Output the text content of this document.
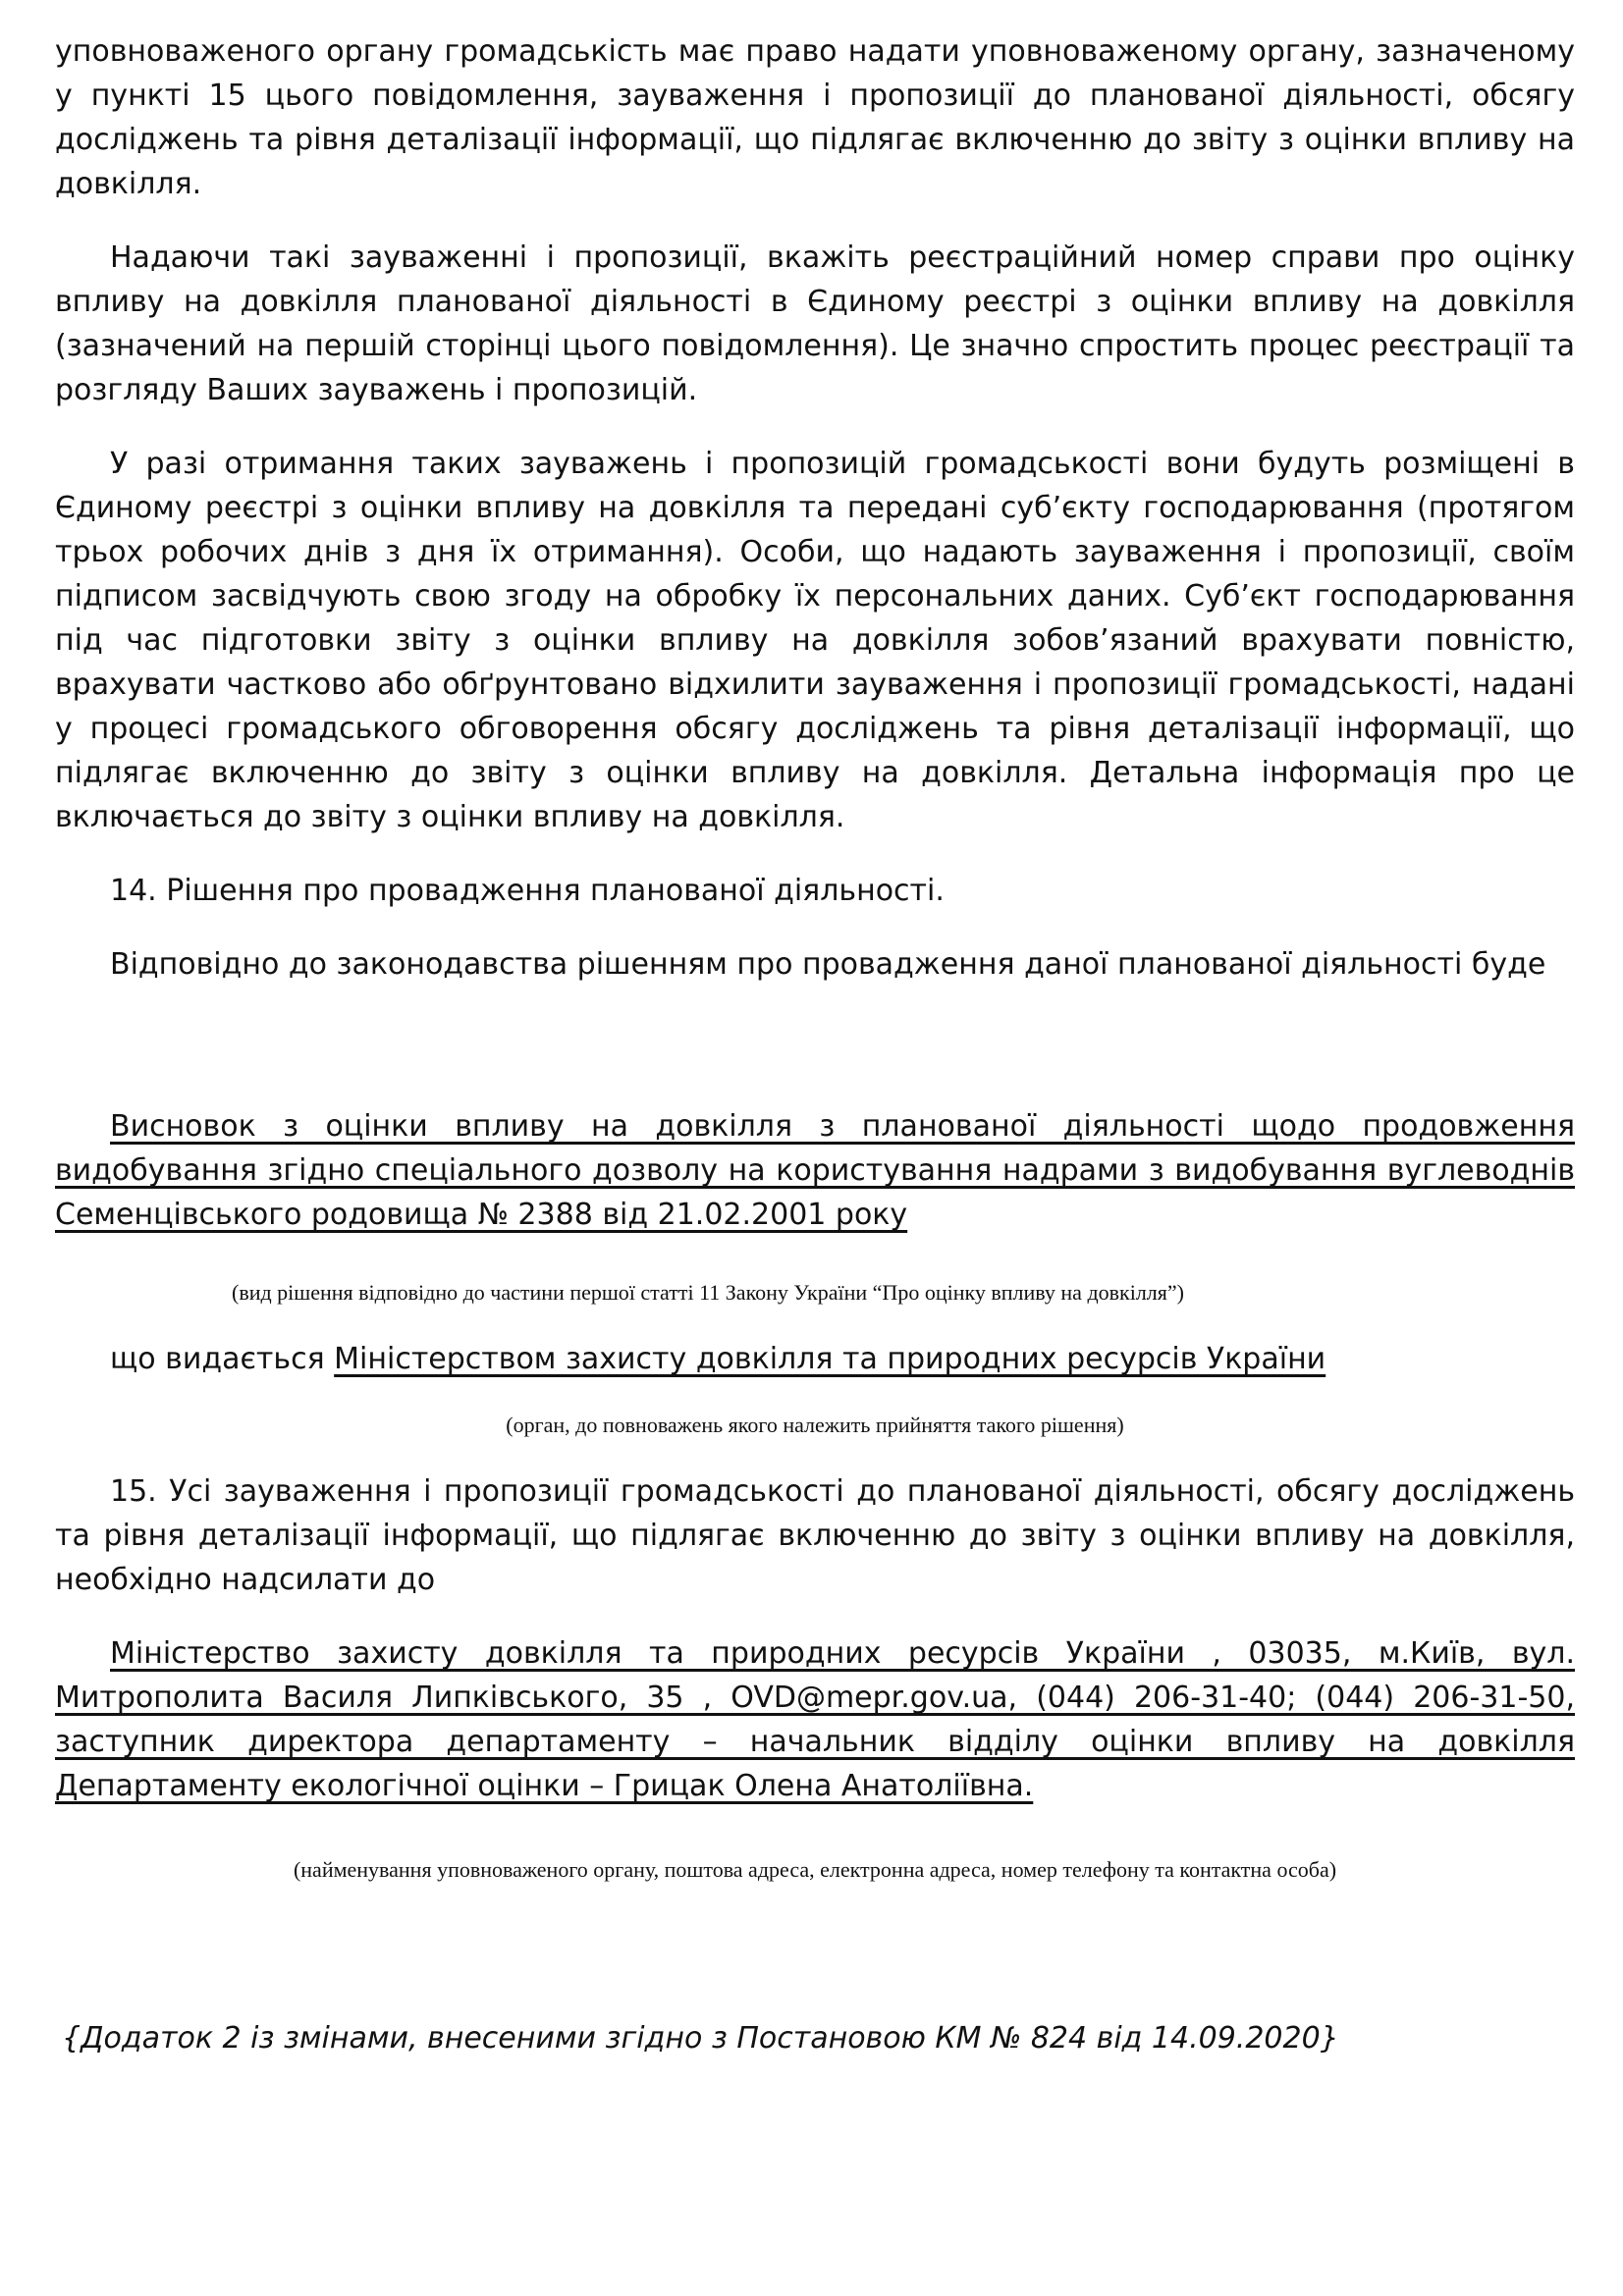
уповноваженого органу громадськість має право надати уповноваженому органу, зазначеному у пункті 15 цього повідомлення, зауваження і пропозиції до планованої діяльності, обсягу досліджень та рівня деталізації інформації, що підлягає включенню до звіту з оцінки впливу на довкілля.

Надаючи такі зауваженні і пропозиції, вкажіть реєстраційний номер справи про оцінку впливу на довкілля планованої діяльності в Єдиному реєстрі з оцінки впливу на довкілля (зазначений на першій сторінці цього повідомлення). Це значно спростить процес реєстрації та розгляду Ваших зауважень і пропозицій.

У разі отримання таких зауважень і пропозицій громадськості вони будуть розміщені в Єдиному реєстрі з оцінки впливу на довкілля та передані суб’єкту господарювання (протягом трьох робочих днів з дня їх отримання). Особи, що надають зауваження і пропозиції, своїм підписом засвідчують свою згоду на обробку їх персональних даних. Суб’єкт господарювання під час підготовки звіту з оцінки впливу на довкілля зобов’язаний врахувати повністю, врахувати частково або обґрунтовано відхилити зауваження і пропозиції громадськості, надані у процесі громадського обговорення обсягу досліджень та рівня деталізації інформації, що підлягає включенню до звіту з оцінки впливу на довкілля. Детальна інформація про це включається до звіту з оцінки впливу на довкілля.

14. Рішення про провадження планованої діяльності.

Відповідно до законодавства рішенням про провадження даної планованої діяльності буде

Висновок з оцінки впливу на довкілля з планованої діяльності щодо продовження видобування згідно спеціального дозволу на користування надрами з видобування вуглеводнів Семенцівського родовища № 2388 від 21.02.2001 року

(вид рішення відповідно до частини першої статті 11 Закону України “Про оцінку впливу на довкілля”)

що видається Міністерством захисту довкілля та природних ресурсів України

(орган, до повноважень якого належить прийняття такого рішення)

15. Усі зауваження і пропозиції громадськості до планованої діяльності, обсягу досліджень та рівня деталізації інформації, що підлягає включенню до звіту з оцінки впливу на довкілля, необхідно надсилати до

Міністерство захисту довкілля та природних ресурсів України , 03035, м.Київ, вул. Митрополита Василя Липківського, 35 , OVD@mepr.gov.ua, (044) 206-31-40; (044) 206-31-50, заступник директора департаменту – начальник відділу оцінки впливу на довкілля Департаменту екологічної оцінки – Грицак Олена Анатоліївна.

(найменування уповноваженого органу, поштова адреса, електронна адреса, номер телефону та контактна особа)

{Додаток 2 із змінами, внесеними згідно з Постановою КМ № 824 від 14.09.2020}
